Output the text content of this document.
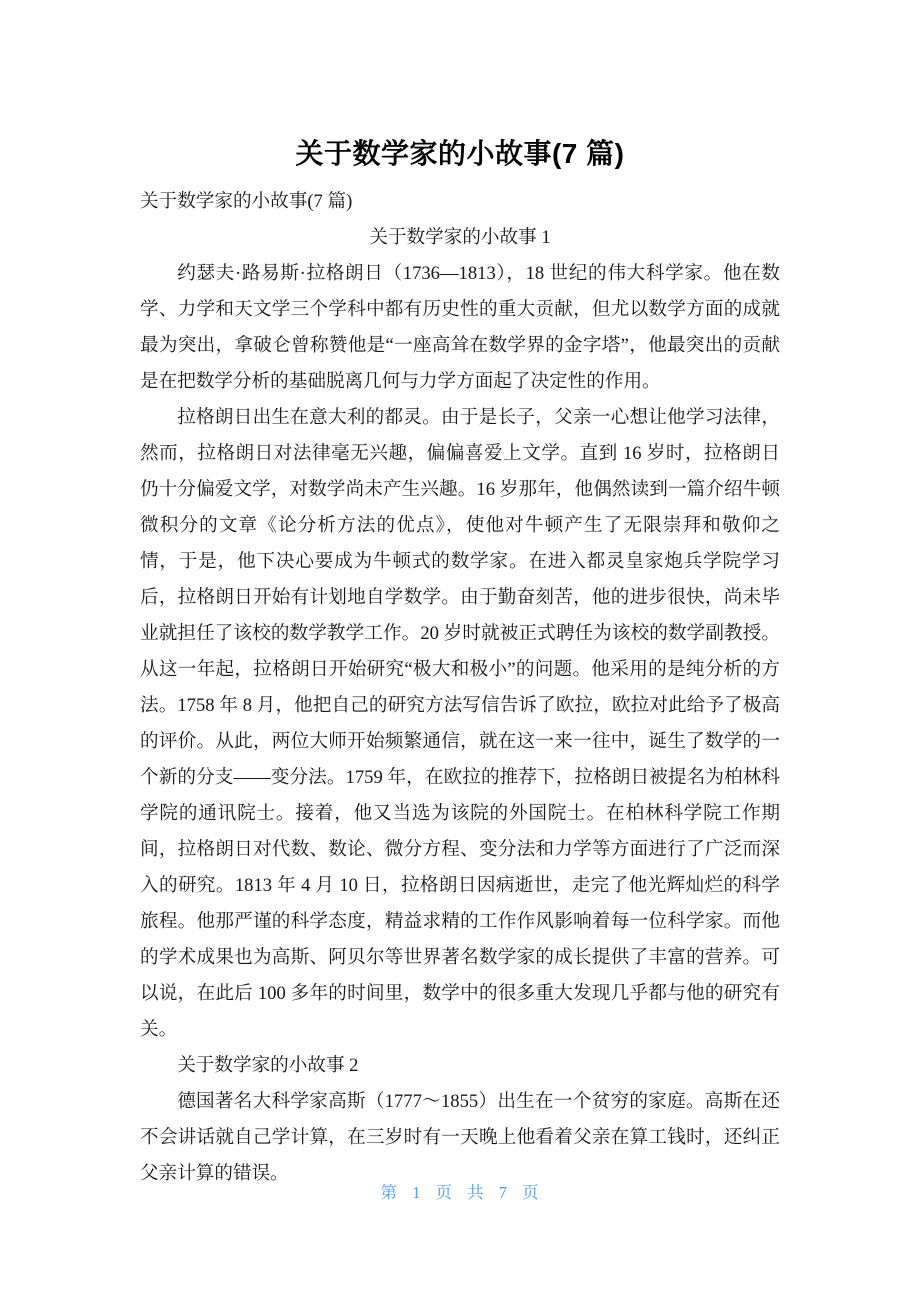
关于数学家的小故事(7 篇)

关于数学家的小故事(7 篇)

关于数学家的小故事 1

约瑟夫·路易斯·拉格朗日（1736—1813），18 世纪的伟大科学家。他在数学、力学和天文学三个学科中都有历史性的重大贡献，但尤以数学方面的成就最为突出，拿破仑曾称赞他是“一座高耸在数学界的金字塔”，他最突出的贡献是在把数学分析的基础脱离几何与力学方面起了决定性的作用。

拉格朗日出生在意大利的都灵。由于是长子，父亲一心想让他学习法律，然而，拉格朗日对法律毫无兴趣，偏偏喜爱上文学。直到 16 岁时，拉格朗日仍十分偏爱文学，对数学尚未产生兴趣。16 岁那年，他偶然读到一篇介绍牛顿微积分的文章《论分析方法的优点》，使他对牛顿产生了无限崇拜和敬仰之情，于是，他下决心要成为牛顿式的数学家。在进入都灵皇家炮兵学院学习后，拉格朗日开始有计划地自学数学。由于勤奋刻苦，他的进步很快，尚未毕业就担任了该校的数学教学工作。20 岁时就被正式聘任为该校的数学副教授。从这一年起，拉格朗日开始研究“极大和极小”的问题。他采用的是纯分析的方法。1758 年 8 月，他把自己的研究方法写信告诉了欧拉，欧拉对此给予了极高的评价。从此，两位大师开始频繁通信，就在这一来一往中，诞生了数学的一个新的分支——变分法。1759 年，在欧拉的推荐下，拉格朗日被提名为柏林科学院的通讯院士。接着，他又当选为该院的外国院士。在柏林科学院工作期间，拉格朗日对代数、数论、微分方程、变分法和力学等方面进行了广泛而深入的研究。1813 年 4 月 10 日，拉格朗日因病逝世，走完了他光辉灿烂的科学旅程。他那严谨的科学态度，精益求精的工作作风影响着每一位科学家。而他的学术成果也为高斯、阿贝尔等世界著名数学家的成长提供了丰富的营养。可以说，在此后 100 多年的时间里，数学中的很多重大发现几乎都与他的研究有关。

关于数学家的小故事 2

德国著名大科学家高斯（1777～1855）出生在一个贫穷的家庭。高斯在还不会讲话就自己学计算，在三岁时有一天晚上他看着父亲在算工钱时，还纠正父亲计算的错误。

第 1 页 共 7 页
